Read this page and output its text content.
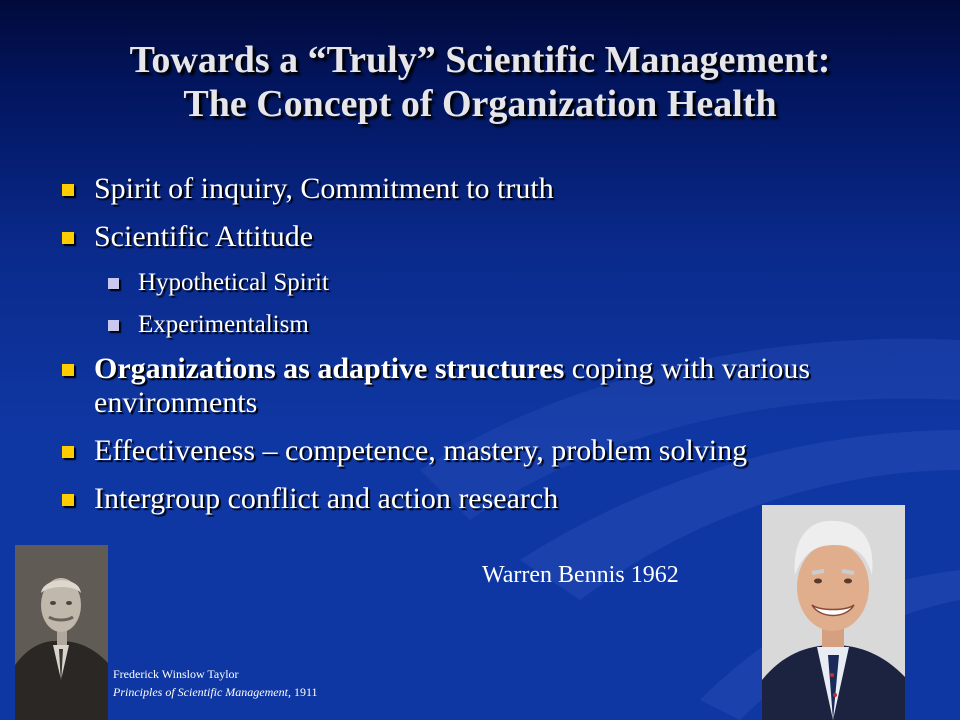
Towards a “Truly” Scientific Management:
The Concept of Organization Health
Spirit of inquiry, Commitment to truth
Scientific Attitude
Hypothetical Spirit
Experimentalism
Organizations as adaptive structures coping with various environments
Effectiveness – competence, mastery, problem solving
Intergroup conflict and action research
Warren Bennis 1962
Frederick Winslow Taylor
Principles of Scientific Management, 1911
